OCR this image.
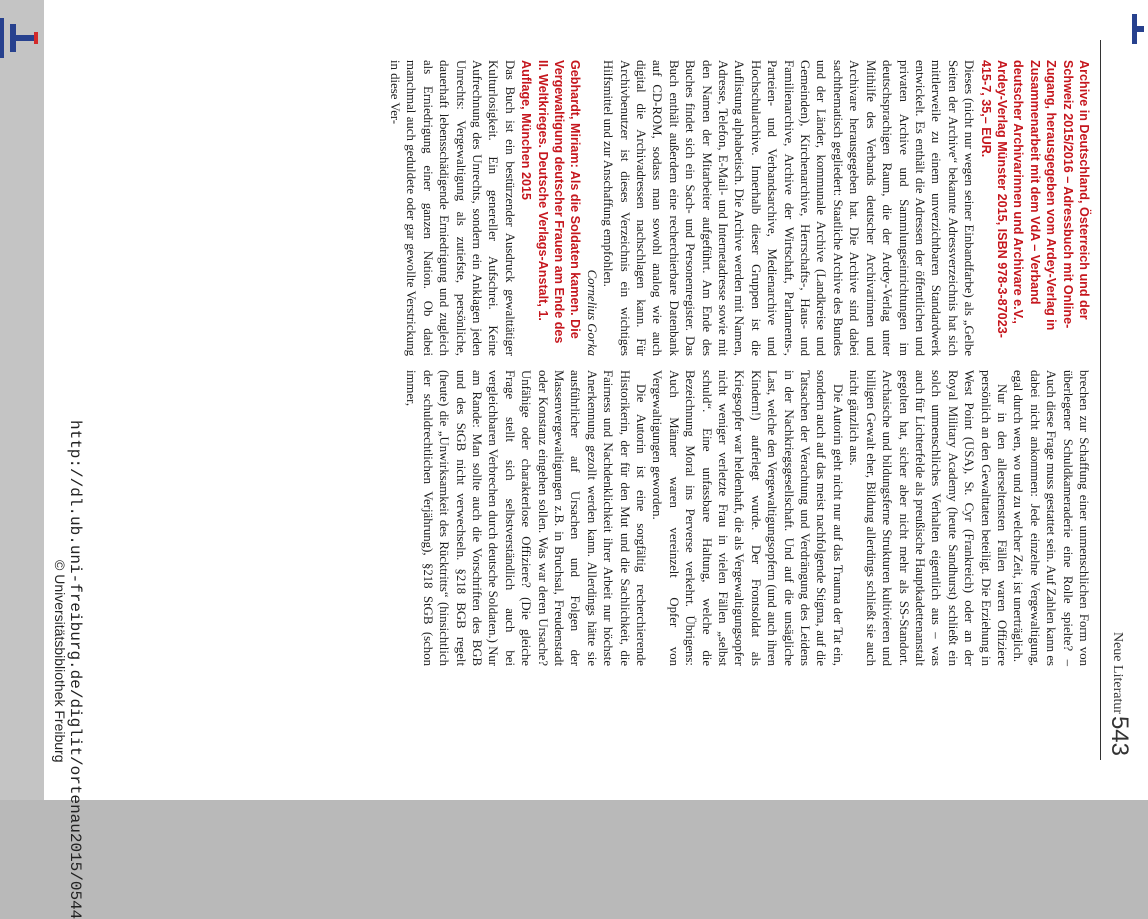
Neue Literatur
543

Archive in Deutschland, Österreich und der Schweiz 2015/2016 – Adressbuch mit Online-Zugang, herausgegeben vom Ardey-Verlag in Zusammenarbeit mit dem VdA – Verband deutscher Archivarinnen und Archivare e.V., Ardey-Verlag Münster 2015, ISBN 978-3-87023-415-7, 35,– EUR.

Dieses (nicht nur wegen seiner Einbandfarbe) als „Gelbe Seiten der Archive“ bekannte Adressverzeichnis hat sich mittlerweile zu einem unverzichtbaren Standardwerk entwickelt. Es enthält die Adressen der öffentlichen und privaten Archive und Sammlungseinrichtungen im deutschsprachigen Raum, die der Ardey-Verlag unter Mithilfe des Verbands deutscher Archivarinnen und Archivare herausgegeben hat. Die Archive sind dabei sachthematisch gegliedert: Staatliche Archive des Bundes und der Länder, kommunale Archive (Landkreise und Gemeinden), Kirchenarchive, Herrschafts-, Haus- und Familienarchive, Archive der Wirtschaft, Parlaments-, Parteien- und Verbandsarchive, Medienarchive und Hochschularchive. Innerhalb dieser Gruppen ist die Auflistung alphabetisch. Die Archive werden mit Namen, Adresse, Telefon, E-Mail- und Internetadresse sowie mit den Namen der Mitarbeiter aufgeführt. Am Ende des Buches findet sich ein Sach- und Personenregister. Das Buch enthält außerdem eine recherchierbare Datenbank auf CD-ROM, sodass man sowohl analog wie auch digital die Archivadressen nachschlagen kann. Für Archivbenutzer ist dieses Verzeichnis ein wichtiges Hilfsmittel und zur Anschaffung empfohlen.

Cornelius Gorka

Gebhardt, Miriam: Als die Soldaten kamen. Die Vergewaltigung deutscher Frauen am Ende des II. Weltkrieges. Deutsche Verlags-Anstalt, 1. Auflage, München 2015

Das Buch ist ein bestürzender Ausdruck gewalttätiger Kulturlosigkeit. Ein genereller Aufschrei. Keine Aufrechnung des Unrechts, sondern ein Anklagen jeden Unrechts: Vergewaltigung als zutiefste, persönliche, dauerhaft lebensschädigende Erniedrigung und zugleich als Erniedrigung einer ganzen Nation. Ob dabei manchmal auch geduldete oder gar gewollte Verstrickung in diese Ver-

brechen zur Schaffung einer unmenschlichen Form von überlegener Schuldkameraderie eine Rolle spielte? – Auch diese Frage muss gestattet sein. Auf Zahlen kann es dabei nicht ankommen: Jede einzelne Vergewaltigung, egal durch wen, wo und zu welcher Zeit, ist unerträglich.

Nur in den allerseltensten Fällen waren Offiziere persönlich an den Gewalttaten beteiligt. Die Erziehung in West Point (USA), St. Cyr (Frankreich) oder an der Royal Military Academy (heute Sandhurst) schließt ein solch unmenschliches Verhalten eigentlich aus – was auch für Lichterfelde als preußische Hauptkadettenanstalt gegolten hat, sicher aber nicht mehr als SS-Standort. Archaische und bildungsferne Strukturen kultivieren und billigen Gewalt eher, Bildung allerdings schließt sie auch nicht gänzlich aus.

Die Autorin geht nicht nur auf das Trauma der Tat ein, sondern auch auf das meist nachfolgende Stigma, auf die Tatsachen der Verachtung und Verdrängung des Leidens in der Nachkriegsgesellschaft. Und auf die unsägliche Last, welche den Vergewaltigungsopfern (und auch ihren Kindern!) auferlegt wurde. Der Frontsoldat als Kriegsopfer war heldenhaft, die als Vergewaltigungsopfer nicht weniger verletzte Frau in vielen Fällen „selbst schuld“. Eine unfassbare Haltung, welche die Bezeichnung Moral ins Perverse verkehrt. Übrigens: Auch Männer waren vereinzelt Opfer von Vergewaltigungen geworden.

Die Autorin ist eine sorgfältig recherchierende Historikerin, der für den Mut und die Sachlichkeit, die Fairness und Nachdenklichkeit ihrer Arbeit nur höchste Anerkennung gezollt werden kann. Allerdings hätte sie ausführlicher auf Ursachen und Folgen der Massenvergewaltigungen z.B. in Bruchsal, Freudenstadt oder Konstanz eingehen sollen. Was war deren Ursache? Unfähige oder charakterlose Offiziere? (Die gleiche Frage stellt sich selbstverständlich auch bei vergleichbaren Verbrechen durch deutsche Soldaten.) Nur am Rande: Man sollte auch die Vorschriften des BGB und des StGB nicht verwechseln. §218 BGB regelt (heute) die „Unwirksamkeit des Rücktritts“ (hinsichtlich der schuldrechtlichen Verjährung), §218 StGB (schon immer,

http://dl.ub.uni-freiburg.de/diglit/ortenau2015/0544
© Universitätsbibliothek Freiburg
